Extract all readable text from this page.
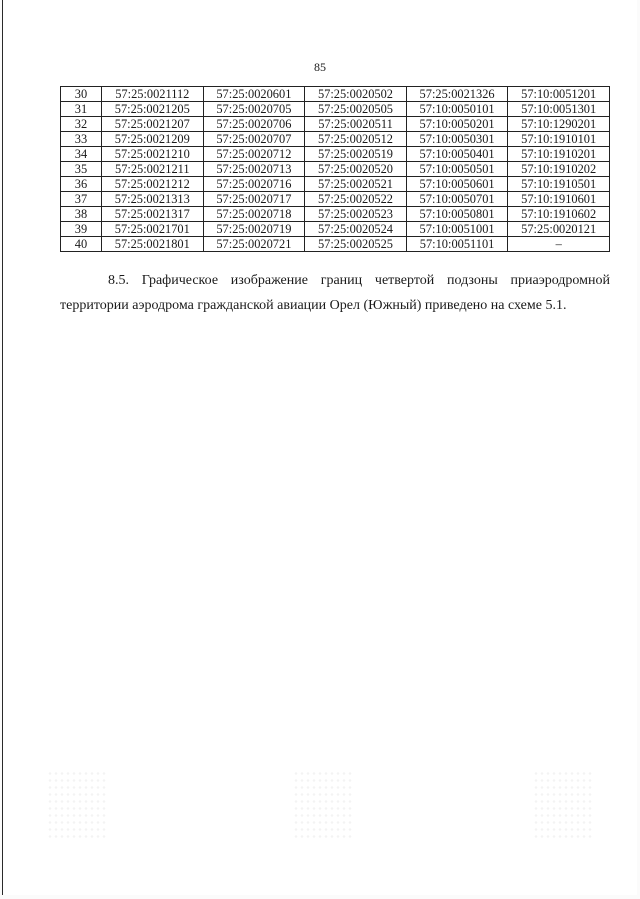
85
30	57:25:0021112	57:25:0020601	57:25:0020502	57:25:0021326	57:10:0051201
31	57:25:0021205	57:25:0020705	57:25:0020505	57:10:0050101	57:10:0051301
32	57:25:0021207	57:25:0020706	57:25:0020511	57:10:0050201	57:10:1290201
33	57:25:0021209	57:25:0020707	57:25:0020512	57:10:0050301	57:10:1910101
34	57:25:0021210	57:25:0020712	57:25:0020519	57:10:0050401	57:10:1910201
35	57:25:0021211	57:25:0020713	57:25:0020520	57:10:0050501	57:10:1910202
36	57:25:0021212	57:25:0020716	57:25:0020521	57:10:0050601	57:10:1910501
37	57:25:0021313	57:25:0020717	57:25:0020522	57:10:0050701	57:10:1910601
38	57:25:0021317	57:25:0020718	57:25:0020523	57:10:0050801	57:10:1910602
39	57:25:0021701	57:25:0020719	57:25:0020524	57:10:0051001	57:25:0020121
40	57:25:0021801	57:25:0020721	57:25:0020525	57:10:0051101	–

8.5. Графическое изображение границ четвертой подзоны приаэродромной территории аэродрома гражданской авиации Орел (Южный) приведено на схеме 5.1.
